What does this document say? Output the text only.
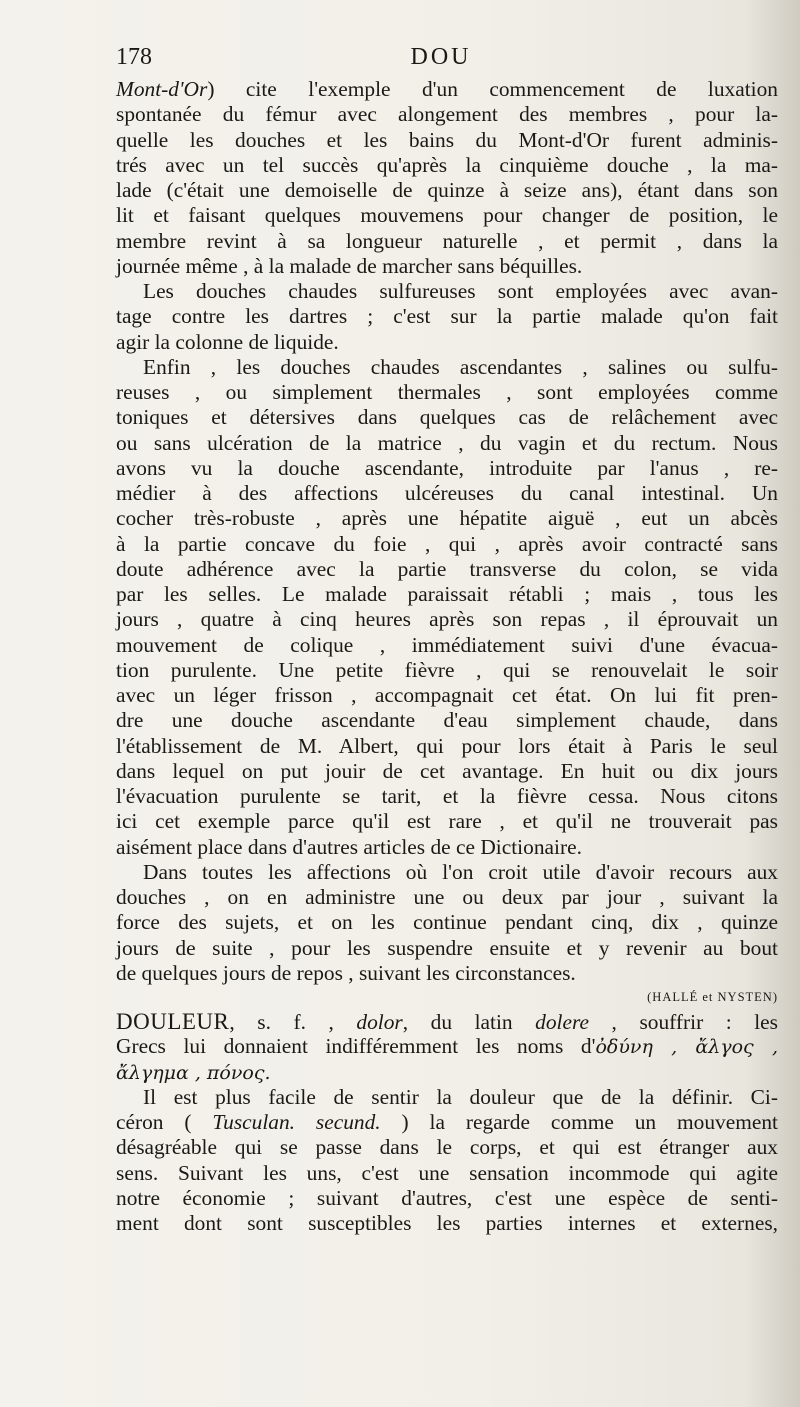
178	DOU
Mont-d'Or) cite l'exemple d'un commencement de luxation
spontanée du fémur avec alongement des membres , pour la-
quelle les douches et les bains du Mont-d'Or furent adminis-
trés avec un tel succès qu'après la cinquième douche , la ma-
lade (c'était une demoiselle de quinze à seize ans), étant dans son
lit et faisant quelques mouvemens pour changer de position, le
membre revint à sa longueur naturelle , et permit , dans la
journée même , à la malade de marcher sans béquilles.
Les douches chaudes sulfureuses sont employées avec avan-
tage contre les dartres ; c'est sur la partie malade qu'on fait
agir la colonne de liquide.
Enfin , les douches chaudes ascendantes , salines ou sulfu-
reuses , ou simplement thermales , sont employées comme
toniques et détersives dans quelques cas de relâchement avec
ou sans ulcération de la matrice , du vagin et du rectum. Nous
avons vu la douche ascendante, introduite par l'anus , re-
médier à des affections ulcéreuses du canal intestinal. Un
cocher très-robuste , après une hépatite aiguë , eut un abcès
à la partie concave du foie , qui , après avoir contracté sans
doute adhérence avec la partie transverse du colon, se vida
par les selles. Le malade paraissait rétabli ; mais , tous les
jours , quatre à cinq heures après son repas , il éprouvait un
mouvement de colique , immédiatement suivi d'une évacua-
tion purulente. Une petite fièvre , qui se renouvelait le soir
avec un léger frisson , accompagnait cet état. On lui fit pren-
dre une douche ascendante d'eau simplement chaude, dans
l'établissement de M. Albert, qui pour lors était à Paris le seul
dans lequel on put jouir de cet avantage. En huit ou dix jours
l'évacuation purulente se tarit, et la fièvre cessa. Nous citons
ici cet exemple parce qu'il est rare , et qu'il ne trouverait pas
aisément place dans d'autres articles de ce Dictionaire.
Dans toutes les affections où l'on croit utile d'avoir recours aux
douches , on en administre une ou deux par jour , suivant la
force des sujets, et on les continue pendant cinq, dix , quinze
jours de suite , pour les suspendre ensuite et y revenir au bout
de quelques jours de repos , suivant les circonstances.
(HALLÉ et NYSTEN)
DOULEUR, s. f. , dolor, du latin dolere , souffrir : les
Grecs lui donnaient indifféremment les noms d'ὀδύνη , ἄλγος ,
ἄλγημα , πόνος.
Il est plus facile de sentir la douleur que de la définir. Ci-
céron ( Tusculan. secund. ) la regarde comme un mouvement
désagréable qui se passe dans le corps, et qui est étranger aux
sens. Suivant les uns, c'est une sensation incommode qui agite
notre économie ; suivant d'autres, c'est une espèce de senti-
ment dont sont susceptibles les parties internes et externes,
